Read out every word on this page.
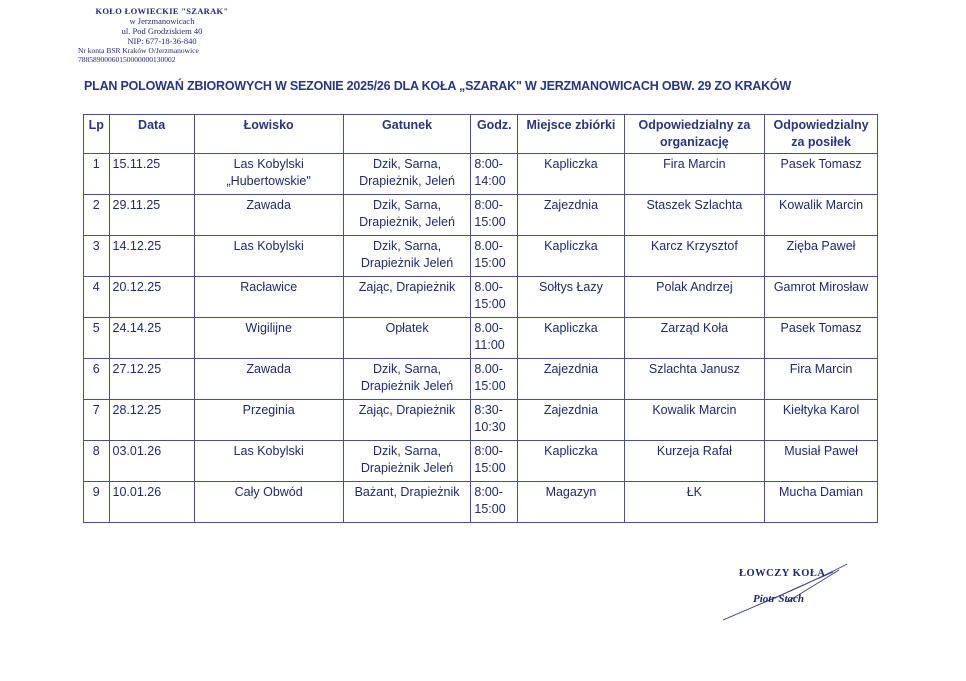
KOŁO ŁOWIECKIE "SZARAK"
w Jerzmanowicach
ul. Pod Grodziskiem 40
NIP: 677-18-36-840
Nr konta BSR Kraków O/Jerzmanowice
78858900060150000000130002
PLAN POLOWAŃ ZBIOROWYCH W SEZONIE 2025/26 DLA KOŁA „SZARAK" W JERZMANOWICACH OBW. 29 ZO KRAKÓW
Lp	Data	Łowisko	Gatunek	Godz.	Miejsce zbiórki	Odpowiedzialny za organizację	Odpowiedzialny za posiłek
1	15.11.25	Las Kobylski „Hubertowskie"	Dzik, Sarna, Drapieżnik, Jeleń	8:00- 14:00	Kapliczka	Fira Marcin	Pasek Tomasz
2	29.11.25	Zawada	Dzik, Sarna, Drapieżnik, Jeleń	8:00- 15:00	Zajezdnia	Staszek Szlachta	Kowalik Marcin
3	14.12.25	Las Kobylski	Dzik, Sarna, Drapieżnik Jeleń	8.00- 15:00	Kapliczka	Karcz Krzysztof	Zięba Paweł
4	20.12.25	Racławice	Zając, Drapieżnik	8.00- 15:00	Sołtys Łazy	Polak Andrzej	Gamrot Mirosław
5	24.14.25	Wigilijne	Opłatek	8.00- 11:00	Kapliczka	Zarząd Koła	Pasek Tomasz
6	27.12.25	Zawada	Dzik, Sarna, Drapieżnik Jeleń	8.00- 15:00	Zajezdnia	Szlachta Janusz	Fira Marcin
7	28.12.25	Przeginia	Zając, Drapieżnik	8:30- 10:30	Zajezdnia	Kowalik Marcin	Kiełtyka Karol
8	03.01.26	Las Kobylski	Dzik, Sarna, Drapieżnik Jeleń	8:00- 15:00	Kapliczka	Kurzeja Rafał	Musiał Paweł
9	10.01.26	Cały Obwód	Bażant, Drapieżnik	8:00- 15:00	Magazyn	ŁK	Mucha Damian
ŁOWCZY KOŁA
Piotr Stach
